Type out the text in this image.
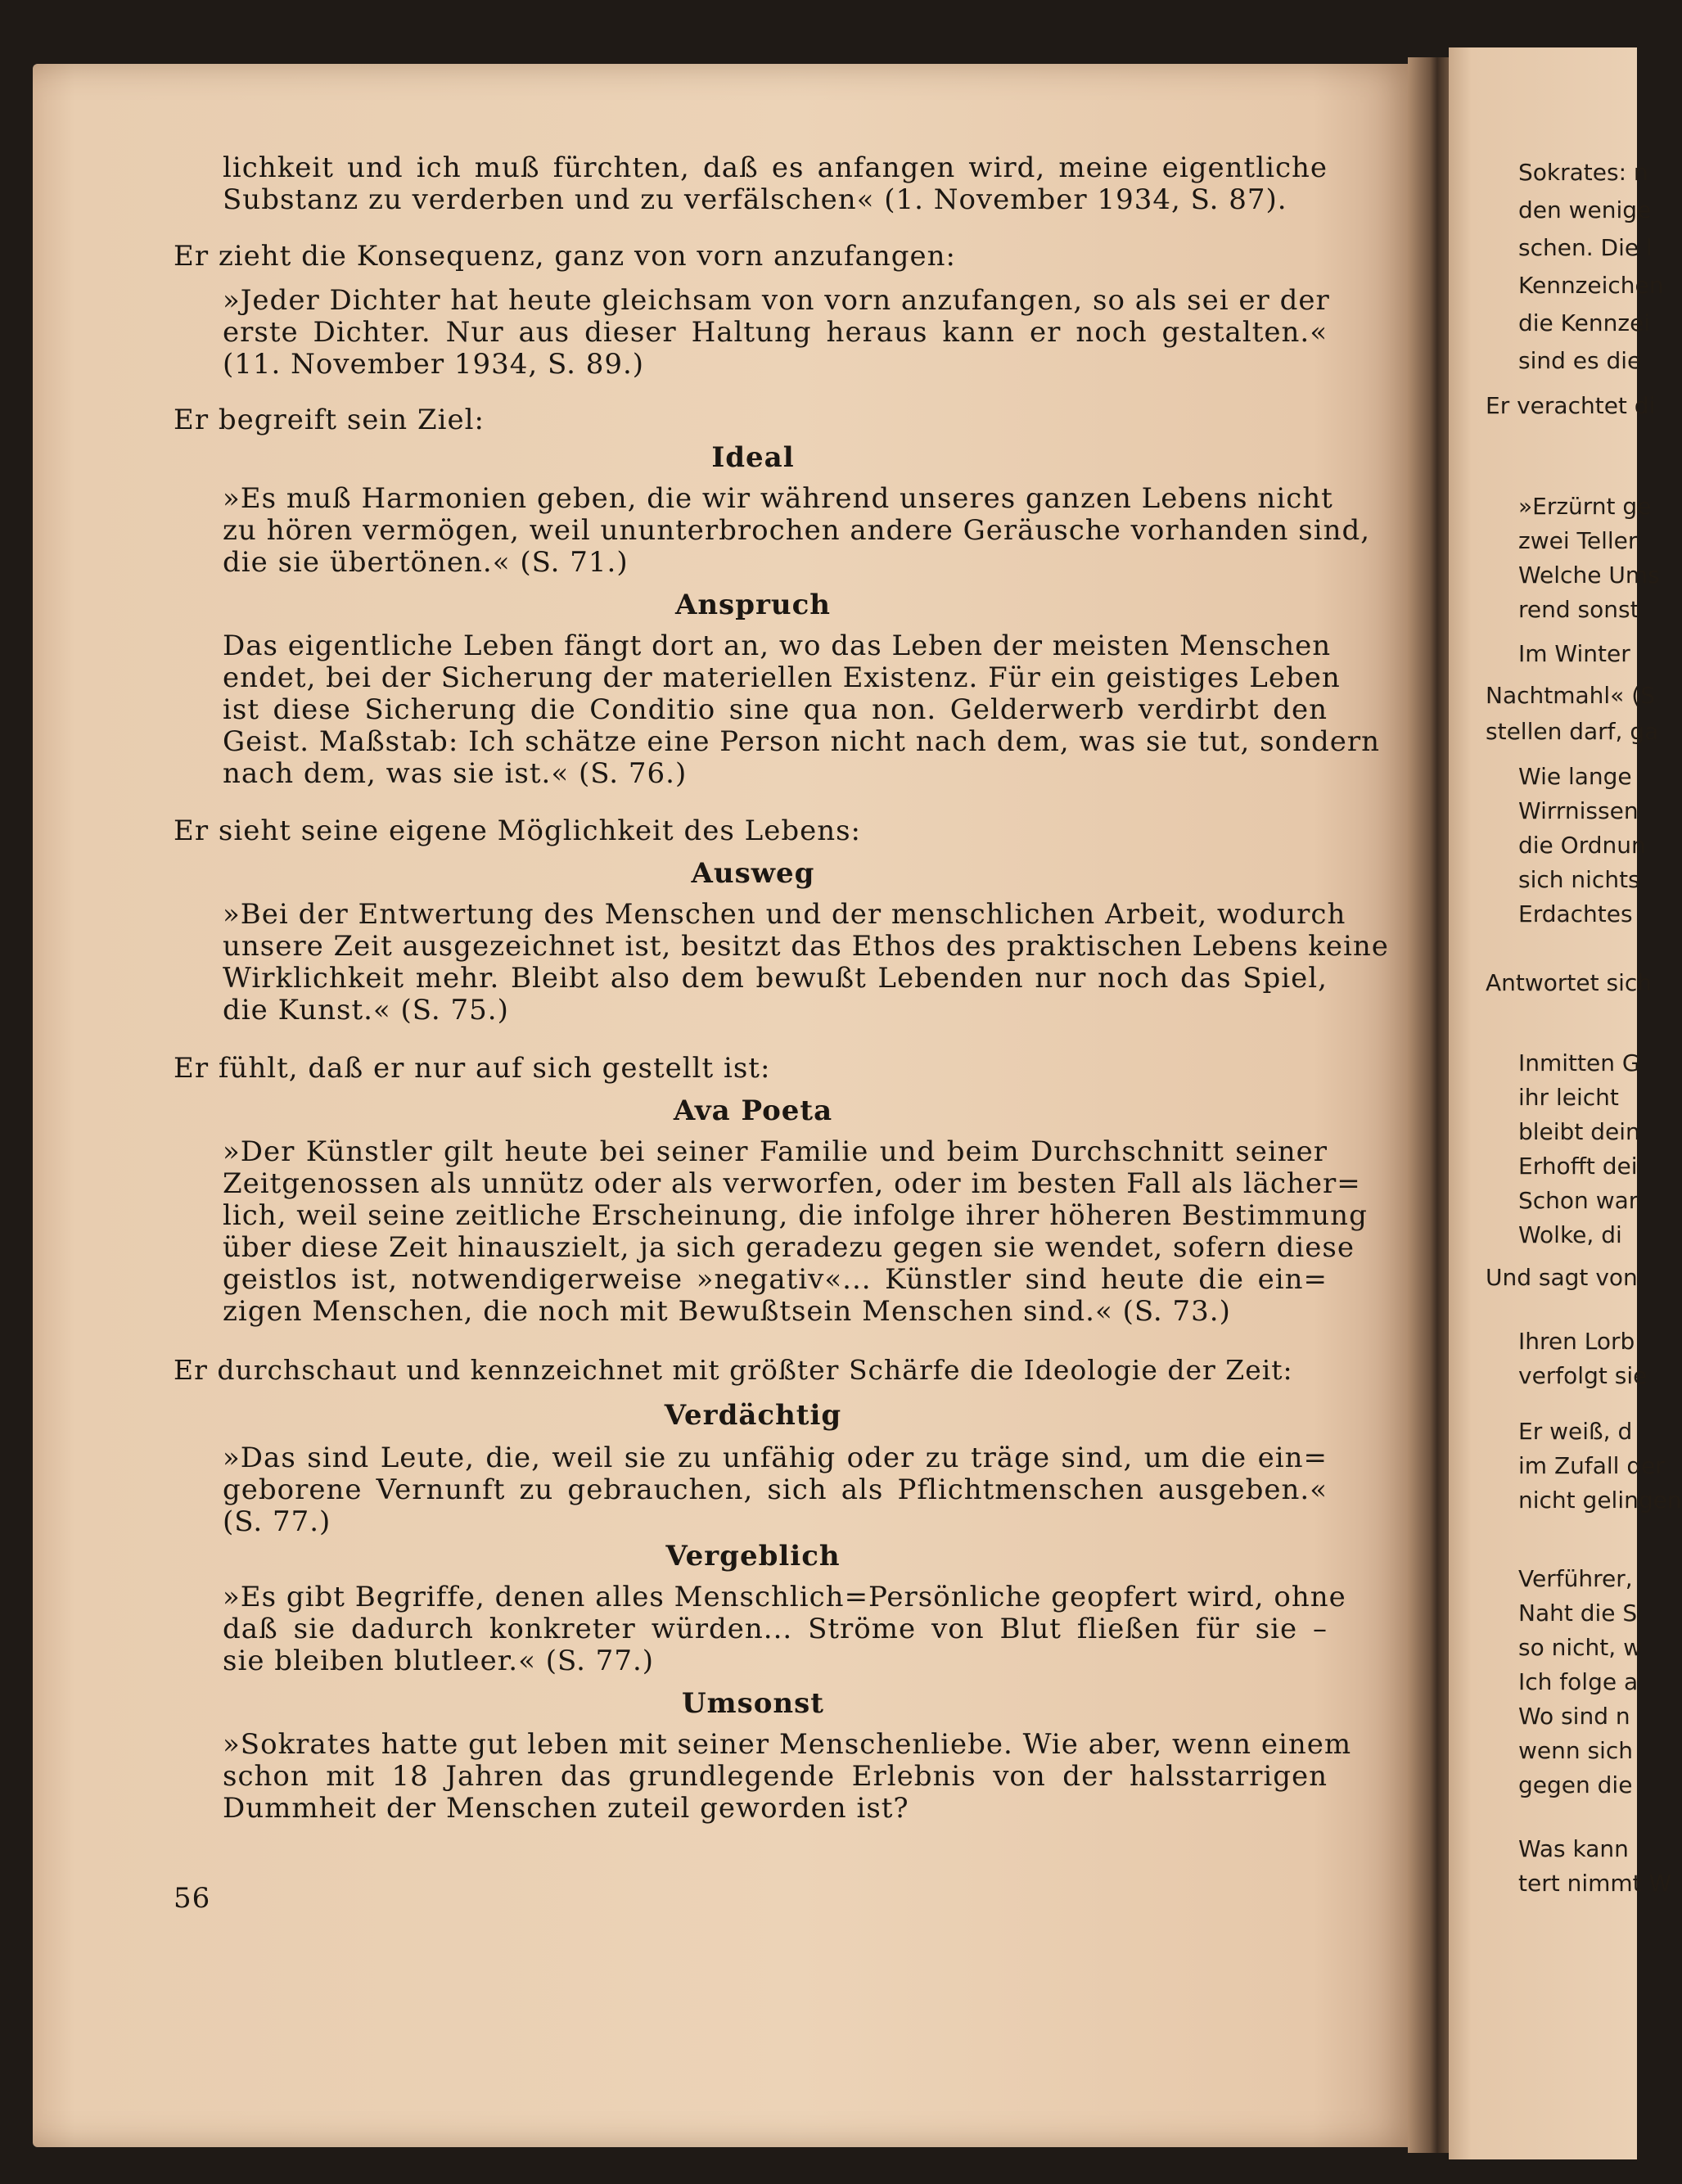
Sokrates: n
den wenige
schen. Die l
Kennzeichen
die Kennzei
sind es die
Er verachtet di
»Erzürnt ge
zwei Teller
Welche Ums
rend sonst
Im Winter
Nachtmahl« (S
stellen darf, ga
Wie lange
Wirrnissen
die Ordnun
sich nichts
Erdachtes
Antwortet sich
Inmitten G
ihr leicht
bleibt dein
Erhofft dei
Schon war
Wolke, di
Und sagt von
Ihren Lorb
verfolgt sie
Er weiß, d
im Zufall der
nicht gelingen
Verführer,
Naht die S
so nicht, w
Ich folge a
Wo sind n
wenn sich
gegen die
Was kann
tert nimmt W
lichkeit und ich muß fürchten, daß es anfangen wird, meine eigentliche
Substanz zu verderben und zu verfälschen« (1. November 1934, S. 87).
Er zieht die Konsequenz, ganz von vorn anzufangen:
»Jeder Dichter hat heute gleichsam von vorn anzufangen, so als sei er der
erste Dichter. Nur aus dieser Haltung heraus kann er noch gestalten.«
(11. November 1934, S. 89.)
Er begreift sein Ziel:
Ideal
»Es muß Harmonien geben, die wir während unseres ganzen Lebens nicht
zu hören vermögen, weil ununterbrochen andere Geräusche vorhanden sind,
die sie übertönen.« (S. 71.)
Anspruch
Das eigentliche Leben fängt dort an, wo das Leben der meisten Menschen
endet, bei der Sicherung der materiellen Existenz. Für ein geistiges Leben
ist diese Sicherung die Conditio sine qua non. Gelderwerb verdirbt den
Geist. Maßstab: Ich schätze eine Person nicht nach dem, was sie tut, sondern
nach dem, was sie ist.« (S. 76.)
Er sieht seine eigene Möglichkeit des Lebens:
Ausweg
»Bei der Entwertung des Menschen und der menschlichen Arbeit, wodurch
unsere Zeit ausgezeichnet ist, besitzt das Ethos des praktischen Lebens keine
Wirklichkeit mehr. Bleibt also dem bewußt Lebenden nur noch das Spiel,
die Kunst.« (S. 75.)
Er fühlt, daß er nur auf sich gestellt ist:
Ava Poeta
»Der Künstler gilt heute bei seiner Familie und beim Durchschnitt seiner
Zeitgenossen als unnütz oder als verworfen, oder im besten Fall als lächer=
lich, weil seine zeitliche Erscheinung, die infolge ihrer höheren Bestimmung
über diese Zeit hinauszielt, ja sich geradezu gegen sie wendet, sofern diese
geistlos ist, notwendigerweise »negativ«... Künstler sind heute die ein=
zigen Menschen, die noch mit Bewußtsein Menschen sind.« (S. 73.)
Er durchschaut und kennzeichnet mit größter Schärfe die Ideologie der Zeit:
Verdächtig
»Das sind Leute, die, weil sie zu unfähig oder zu träge sind, um die ein=
geborene Vernunft zu gebrauchen, sich als Pflichtmenschen ausgeben.«
(S. 77.)
Vergeblich
»Es gibt Begriffe, denen alles Menschlich=Persönliche geopfert wird, ohne
daß sie dadurch konkreter würden... Ströme von Blut fließen für sie –
sie bleiben blutleer.« (S. 77.)
Umsonst
»Sokrates hatte gut leben mit seiner Menschenliebe. Wie aber, wenn einem
schon mit 18 Jahren das grundlegende Erlebnis von der halsstarrigen
Dummheit der Menschen zuteil geworden ist?
56
